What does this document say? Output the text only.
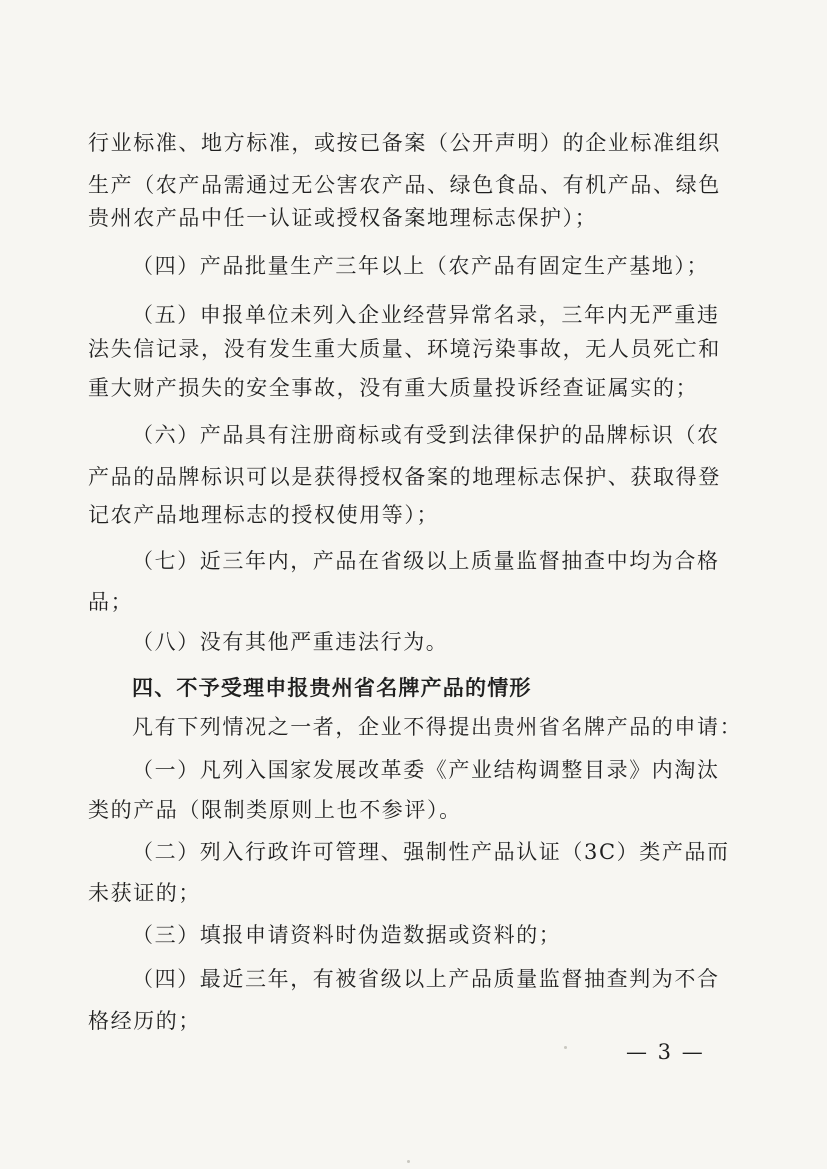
行业标准、地方标准，或按已备案（公开声明）的企业标准组织
生产（农产品需通过无公害农产品、绿色食品、有机产品、绿色
贵州农产品中任一认证或授权备案地理标志保护）；
（四）产品批量生产三年以上（农产品有固定生产基地）；
（五）申报单位未列入企业经营异常名录，三年内无严重违
法失信记录，没有发生重大质量、环境污染事故，无人员死亡和
重大财产损失的安全事故，没有重大质量投诉经查证属实的；
（六）产品具有注册商标或有受到法律保护的品牌标识（农
产品的品牌标识可以是获得授权备案的地理标志保护、获取得登
记农产品地理标志的授权使用等）；
（七）近三年内，产品在省级以上质量监督抽查中均为合格
品；
（八）没有其他严重违法行为。
四、不予受理申报贵州省名牌产品的情形
凡有下列情况之一者，企业不得提出贵州省名牌产品的申请：
（一）凡列入国家发展改革委《产业结构调整目录》内淘汰
类的产品（限制类原则上也不参评）。
（二）列入行政许可管理、强制性产品认证（3C）类产品而
未获证的；
（三）填报申请资料时伪造数据或资料的；
（四）最近三年，有被省级以上产品质量监督抽查判为不合
格经历的；
— 3 —
